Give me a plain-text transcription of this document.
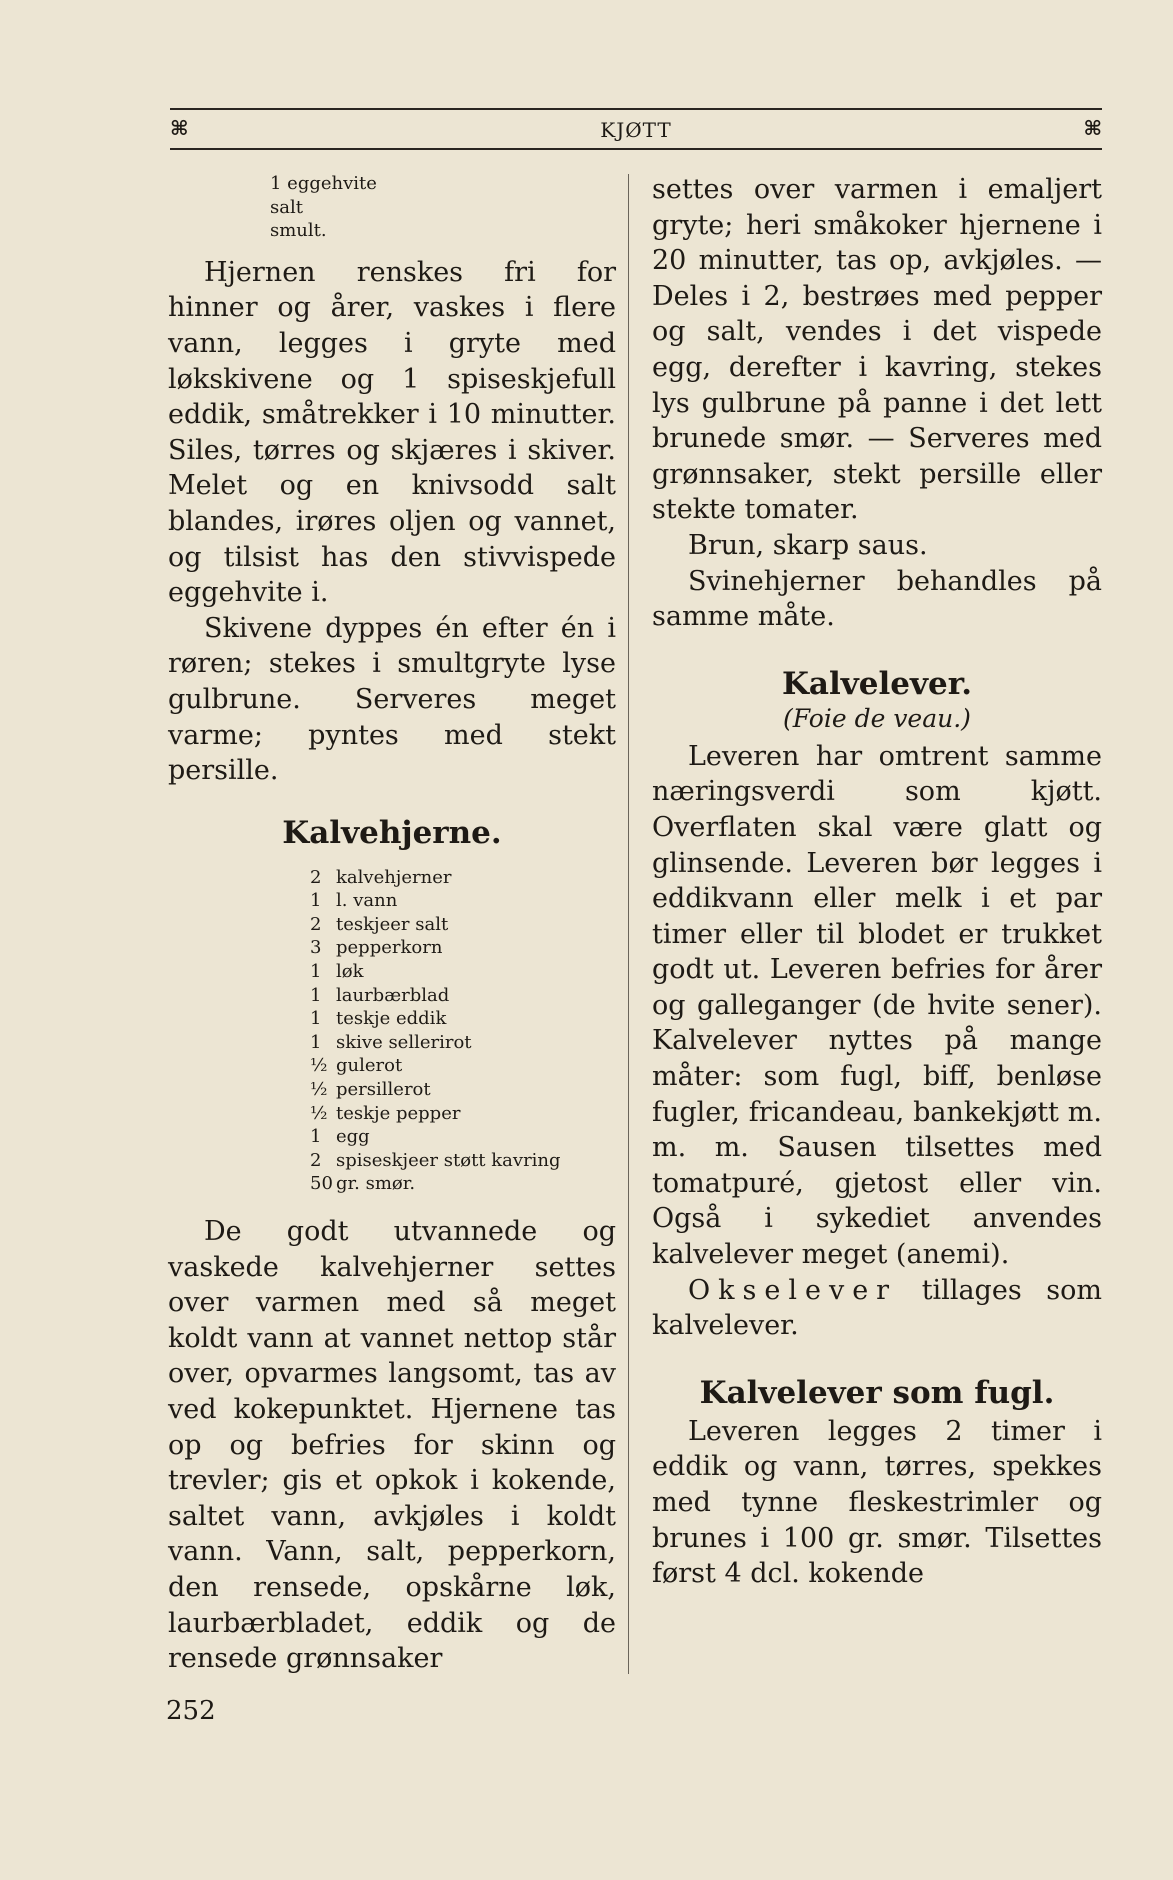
⌘	KJØTT	⌘
1 eggehvite
salt
smult.

Hjernen renskes fri for hinner og årer, vaskes i flere vann, legges i gryte med løkskivene og 1 spiseskjefull eddik, småtrekker i 10 minutter. Siles, tørres og skjæres i skiver. Melet og en knivsodd salt blandes, irøres oljen og vannet, og tilsist has den stivvispede eggehvite i.

Skivene dyppes én efter én i røren; stekes i smultgryte lyse gulbrune. Serveres meget varme; pyntes med stekt persille.

Kalvehjerne.
2 kalvehjerner
1 l. vann
2 teskjeer salt
3 pepperkorn
1 løk
1 laurbærblad
1 teskje eddik
1 skive sellerirot
½ gulerot
½ persillerot
½ teskje pepper
1 egg
2 spiseskjeer støtt kavring
50 gr. smør.

De godt utvannede og vaskede kalvehjerner settes over varmen med så meget koldt vann at vannet nettop står over, opvarmes langsomt, tas av ved kokepunktet. Hjernene tas op og befries for skinn og trevler; gis et opkok i kokende, saltet vann, avkjøles i koldt vann. Vann, salt, pepperkorn, den rensede, opskårne løk, laurbærbladet, eddik og de rensede grønnsaker

settes over varmen i emaljert gryte; heri småkoker hjernene i 20 minutter, tas op, avkjøles. — Deles i 2, bestrøes med pepper og salt, vendes i det vispede egg, derefter i kavring, stekes lys gulbrune på panne i det lett brunede smør. — Serveres med grønnsaker, stekt persille eller stekte tomater.

Brun, skarp saus.

Svinehjerner behandles på samme måte.

Kalvelever.

(Foie de veau.)

Leveren har omtrent samme næringsverdi som kjøtt. Overflaten skal være glatt og glinsende. Leveren bør legges i eddikvann eller melk i et par timer eller til blodet er trukket godt ut. Leveren befries for årer og galleganger (de hvite sener). Kalvelever nyttes på mange måter: som fugl, biff, benløse fugler, fricandeau, bankekjøtt m. m. m. Sausen tilsettes med tomatpuré, gjetost eller vin. Også i sykediet anvendes kalvelever meget (anemi).

Okselever tillages som kalvelever.

Kalvelever som fugl.

Leveren legges 2 timer i eddik og vann, tørres, spekkes med tynne fleskestrimler og brunes i 100 gr. smør. Tilsettes først 4 dcl. kokende

252
